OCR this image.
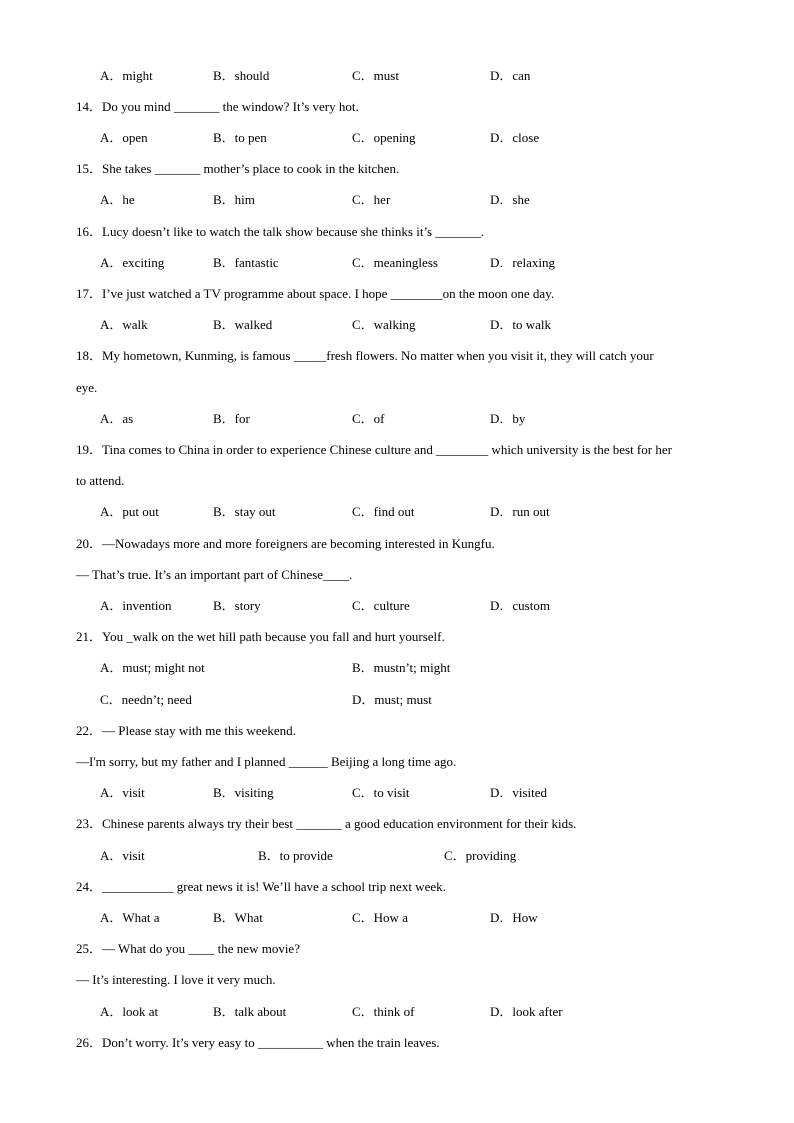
A．might	B．should	C．must	D．can
14．Do you mind _______ the window? It’s very hot.
A．open	B．to pen	C．opening	D．close
15．She takes _______ mother’s place to cook in the kitchen.
A．he	B．him	C．her	D．she
16．Lucy doesn’t like to watch the talk show because she thinks it’s _______.
A．exciting	B．fantastic	C．meaningless	D．relaxing
17．I’ve just watched a TV programme about space. I hope ________on the moon one day.
A．walk	B．walked	C．walking	D．to walk
18．My hometown, Kunming, is famous _____fresh flowers. No matter when you visit it, they will catch your
eye.
A．as	B．for	C．of	D．by
19．Tina comes to China in order to experience Chinese culture and ________ which university is the best for her
to attend.
A．put out	B．stay out	C．find out	D．run out
20．—Nowadays more and more foreigners are becoming interested in Kungfu.
— That’s true. It’s an important part of Chinese____.
A．invention	B．story	C．culture	D．custom
21．You _walk on the wet hill path because you fall and hurt yourself.
A．must; might not	B．mustn’t; might
C．needn’t; need	D．must; must
22．— Please stay with me this weekend.
—I'm sorry, but my father and I planned ______ Beijing a long time ago.
A．visit	B．visiting	C．to visit	D．visited
23．Chinese parents always try their best _______ a good education environment for their kids.
A．visit	B．to provide	C．providing
24．___________ great news it is! We’ll have a school trip next week.
A．What a	B．What	C．How a	D．How
25．— What do you ____ the new movie?
— It’s interesting. I love it very much.
A．look at	B．talk about	C．think of	D．look after
26．Don’t worry. It’s very easy to __________ when the train leaves.
